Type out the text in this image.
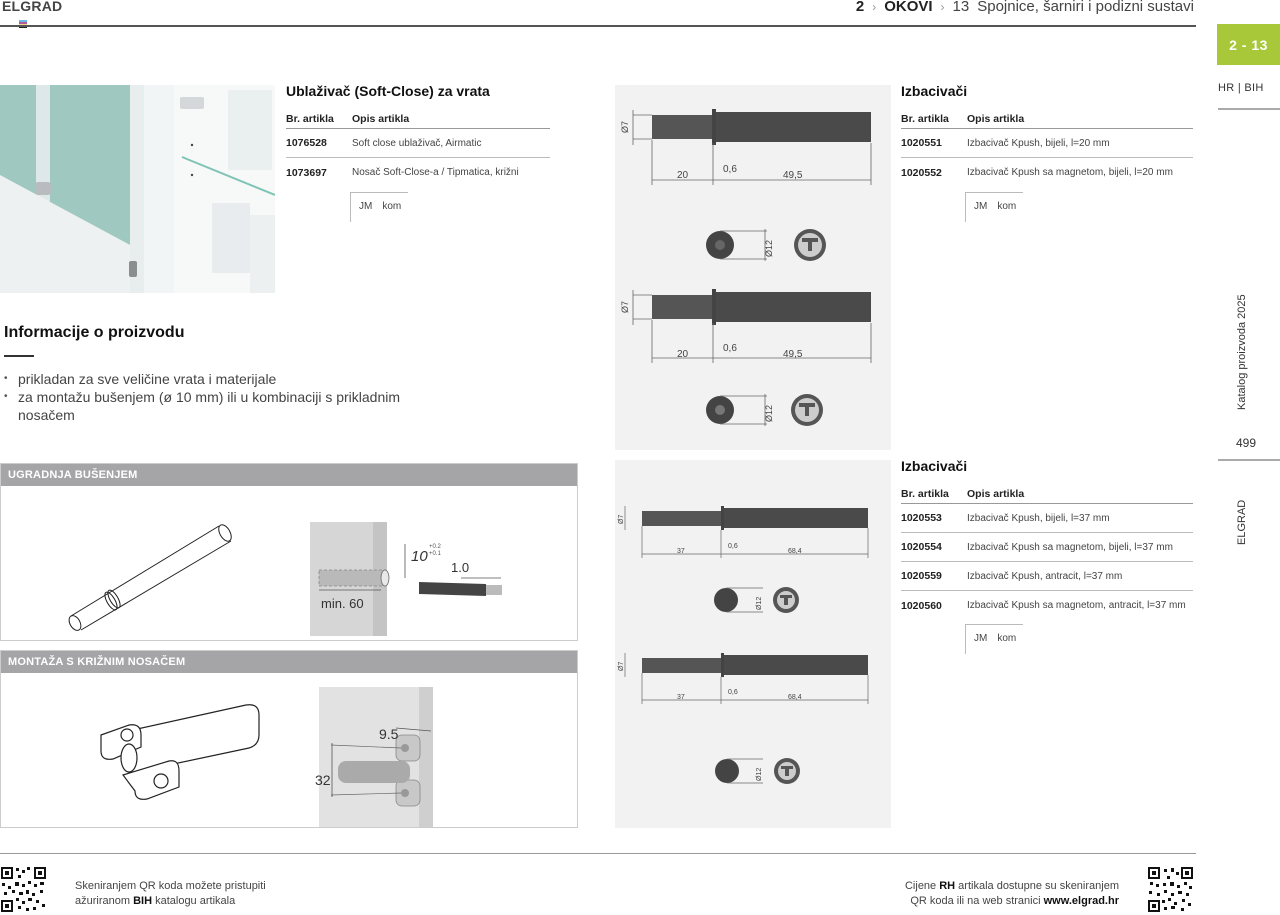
ELGRAD	2 › OKOVI › 13 Spojnice, šarniri i podizni sustavi
2 - 13
HR | BIH
Katalog proizvoda 2025
499
ELGRAD
Ublaživač (Soft-Close) za vrata
Br. artikla	Opis artikla
1076528	Soft close ublaživač, Airmatic
1073697	Nosač Soft-Close-a / Tipmatica, križni
JM kom
Ø7
20
0,6
49,5
Ø12
Ø7
20
0,6
49,5
Ø12
Izbacivači
Br. artikla	Opis artikla
1020551	Izbacivač Kpush, bijeli, l=20 mm
1020552	Izbacivač Kpush sa magnetom, bijeli, l=20 mm
JM kom
Informacije o proizvodu
• prikladan za sve veličine vrata i materijale
• za montažu bušenjem (ø 10 mm) ili u kombinaciji s prikladnim nosačem
UGRADNJA BUŠENJEM
min. 60
10
+0.2
+0.1
1.0
MONTAŽA S KRIŽNIM NOSAČEM
32
9.5
Ø7
37
0,6
68,4
Ø12
Ø7
37
0,6
68,4
Ø12
Izbacivači
Br. artikla	Opis artikla
1020553	Izbacivač Kpush, bijeli, l=37 mm
1020554	Izbacivač Kpush sa magnetom, bijeli, l=37 mm
1020559	Izbacivač Kpush, antracit, l=37 mm
1020560	Izbacivač Kpush sa magnetom, antracit, l=37 mm
JM kom
Skeniranjem QR koda možete pristupiti
ažuriranom BIH katalogu artikala
Cijene RH artikala dostupne su skeniranjem
QR koda ili na web stranici www.elgrad.hr
